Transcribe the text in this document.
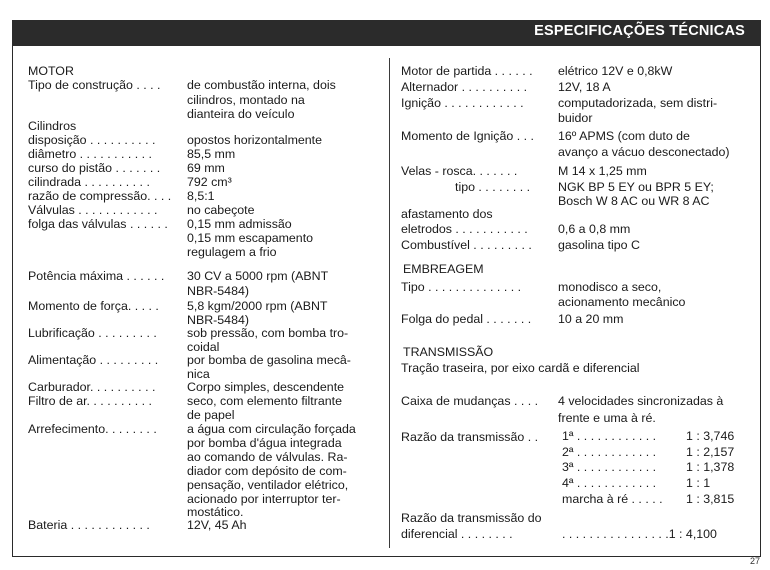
ESPECIFICAÇÕES TÉCNICAS
MOTOR
Tipo de construção . . . . de combustão interna, dois
cilindros, montado na
dianteira do veículo
Cilindros
disposição . . . . . . . . . .	opostos horizontalmente
diâmetro . . . . . . . . . . .	85,5 mm
curso do pistão . . . . . . . 69 mm
cilindrada . . . . . . . . . .	792 cm³
razão de compressão. . . . 8,5:1
Válvulas . . . . . . . . . . . . no cabeçote
folga das válvulas . . . . . . 0,15 mm admissão
0,15 mm escapamento
regulagem a frio
Potência máxima . . . . . . 30 CV a 5000 rpm (ABNT
NBR-5484)
Momento de força. . . . . 5,8 kgm/2000 rpm (ABNT
NBR-5484)
Lubrificação . . . . . . . . . sob pressão, com bomba tro-
coidal
Alimentação . . . . . . . . . por bomba de gasolina mecâ-
nica
Carburador. . . . . . . . . .	Corpo simples, descendente
Filtro de ar. . . . . . . . . .	seco, com elemento filtrante
de papel
Arrefecimento. . . . . . . . a água com circulação forçada
por bomba d'água integrada
ao comando de válvulas. Ra-
diador com depósito de com-
pensação, ventilador elétrico,
acionado por interruptor ter-
mostático.
Bateria . . . . . . . . . . . .	12V, 45 Ah
Motor de partida . . . . . . elétrico 12V e 0,8kW
Alternador . . . . . . . . . . 12V, 18 A
Ignição . . . . . . . . . . . .	computadorizada, sem distri-
buidor
Momento de Ignição . . . 16º APMS (com duto de
avanço a vácuo desconectado)
Velas - rosca. . . . . . .	M 14 x 1,25 mm
tipo . . . . . . . . NGK BP 5 EY ou BPR 5 EY;
Bosch W 8 AC ou WR 8 AC
afastamento dos
eletrodos . . . . . . . . . . . 0,6 a 0,8 mm
Combustível . . . . . . . . . gasolina tipo C
EMBREAGEM
Tipo . . . . . . . . . . . . . .	monodisco a seco,
acionamento mecânico
Folga do pedal . . . . . . . 10 a 20 mm
TRANSMISSÃO
Tração traseira, por eixo cardã e diferencial
Caixa de mudanças . . . . 4 velocidades sincronizadas à
frente e uma à ré.
Razão da transmissão . . 1ª . . . . . . . . . . . . 1 : 3,746
2ª . . . . . . . . . . . . 1 : 2,157
3ª . . . . . . . . . . . . 1 : 1,378
4ª . . . . . . . . . . . . 1 : 1
marcha à ré . . . . . 1 : 3,815
Razão da transmissão do
diferencial . . . . . . . .	. . . . . . . . . . . . . . . .1 : 4,100
27
